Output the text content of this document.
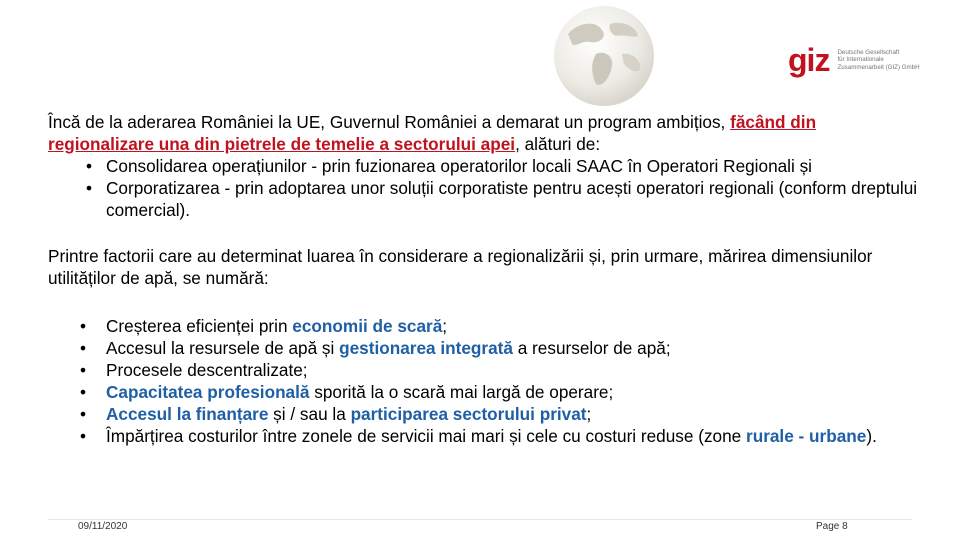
giz Deutsche Gesellschaft
für Internationale
Zusammenarbeit (GIZ) GmbH

Încă de la aderarea României la UE, Guvernul României a demarat un program ambițios, făcând din regionalizare una din pietrele de temelie a sectorului apei, alături de:

• Consolidarea operațiunilor - prin fuzionarea operatorilor locali SAAC în Operatori Regionali și
• Corporatizarea - prin adoptarea unor soluții corporatiste pentru acești operatori regionali (conform dreptului comercial).

Printre factorii care au determinat luarea în considerare a regionalizării și, prin urmare, mărirea dimensiunilor utilităților de apă, se numără:

• Creșterea eficienței prin economii de scară;
• Accesul la resursele de apă și gestionarea integrată a resurselor de apă;
• Procesele descentralizate;
• Capacitatea profesională sporită la o scară mai largă de operare;
• Accesul la finanțare și / sau la participarea sectorului privat;
• Împărțirea costurilor între zonele de servicii mai mari și cele cu costuri reduse (zone rurale - urbane).
09/11/2020	Page 8
